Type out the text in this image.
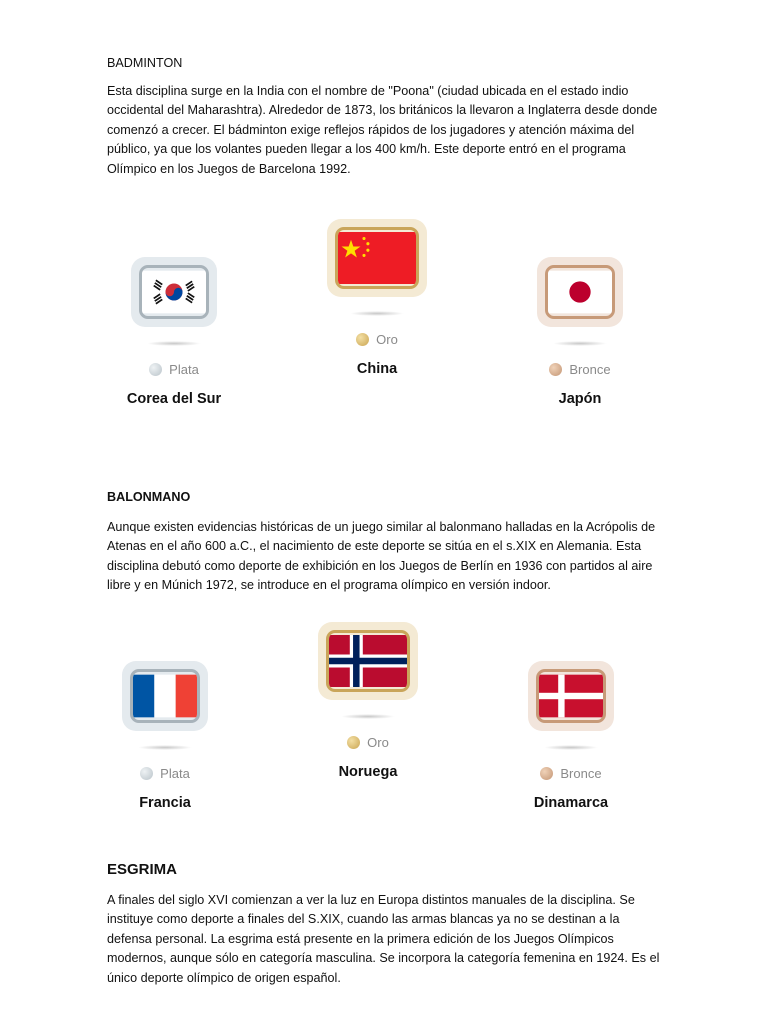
BADMINTON

Esta disciplina surge en la India con el nombre de "Poona" (ciudad ubicada en el estado indio occidental del Maharashtra). Alrededor de 1873, los británicos la llevaron a Inglaterra desde donde comenzó a crecer. El bádminton exige reflejos rápidos de los jugadores y atención máxima del público, ya que los volantes pueden llegar a los 400 km/h. Este deporte entró en el programa Olímpico en los Juegos de Barcelona 1992.

Plata
Corea del Sur
Oro
China	Bronce
Japón
BALONMANO

Aunque existen evidencias históricas de un juego similar al balonmano halladas en la Acrópolis de Atenas en el año 600 a.C., el nacimiento de este deporte se sitúa en el s.XIX en Alemania. Esta disciplina debutó como deporte de exhibición en los Juegos de Berlín en 1936 con partidos al aire libre y en Múnich 1972, se introduce en el programa olímpico en versión indoor.

Plata
Francia
Oro
Noruega	Bronce
Dinamarca
ESGRIMA

A finales del siglo XVI comienzan a ver la luz en Europa distintos manuales de la disciplina. Se instituye como deporte a finales del S.XIX, cuando las armas blancas ya no se destinan a la defensa personal. La esgrima está presente en la primera edición de los Juegos Olímpicos modernos, aunque sólo en categoría masculina. Se incorpora la categoría femenina en 1924. Es el único deporte olímpico de origen español.
